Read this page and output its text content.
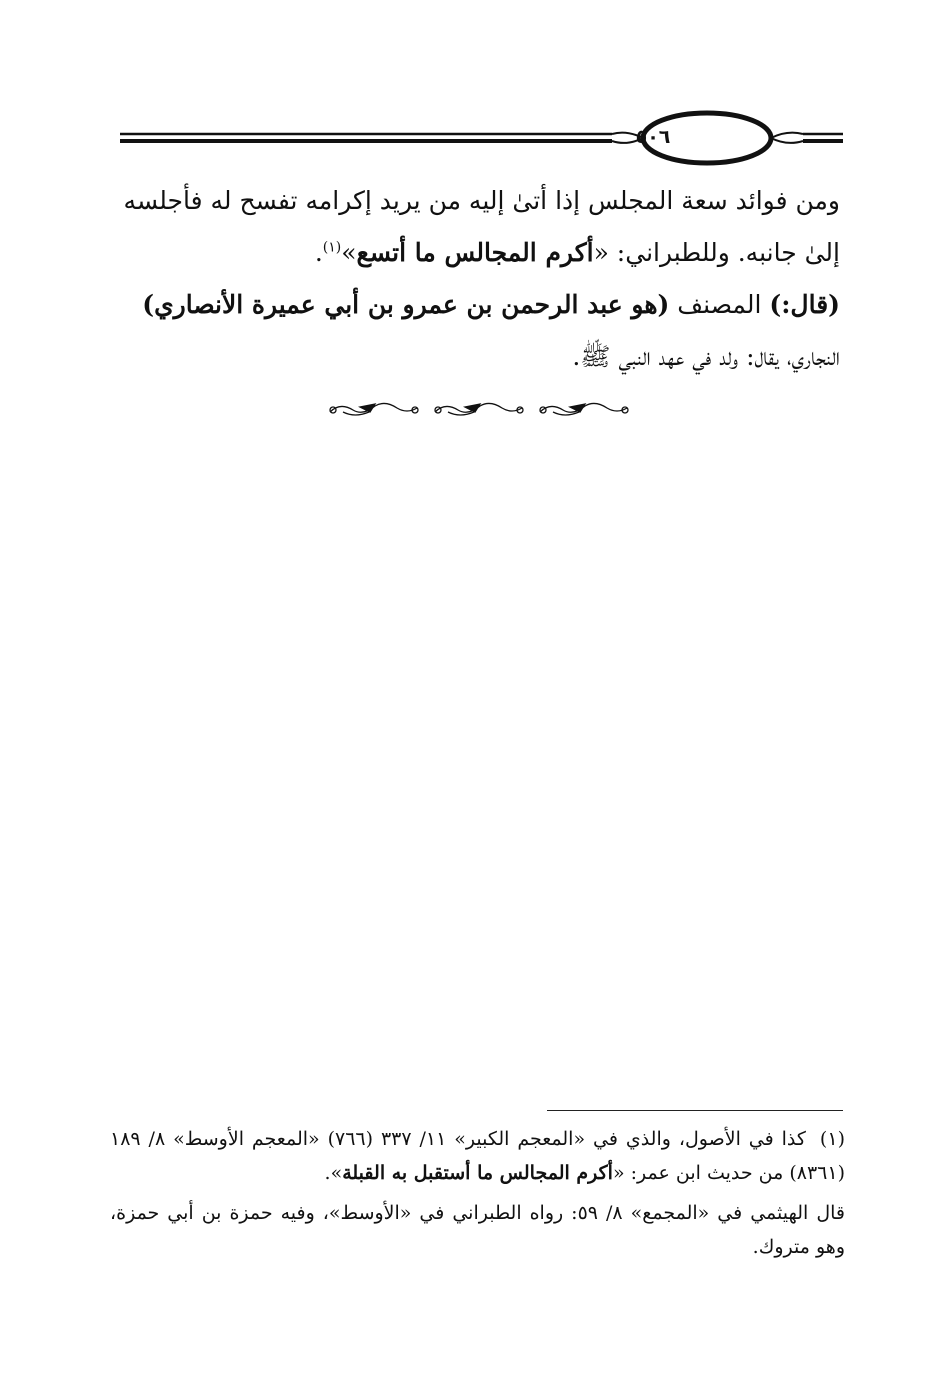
٥٠٦

ومن فوائد سعة المجلس إذا أتىٰ إليه من يريد إكرامه تفسح له فأجلسه

إلىٰ جانبه. وللطبراني: «أكرم المجالس ما أتسع»$^{(١)}$.

(قال:) المصنف (هو عبد الرحمن بن عمرو بن أبي عميرة الأنصاري)

النجاري، يقال: ولد في عهد النبي ﷺ.

(١)كذا في الأصول، والذي في «المعجم الكبير» ١١/ ٣٣٧ (٧٦٦) «المعجم الأوسط» ٨/ ١٨٩ (٨٣٦١) من حديث ابن عمر: «أكرم المجالس ما أستقبل به القبلة».

قال الهيثمي في «المجمع» ٨/ ٥٩: رواه الطبراني في «الأوسط»، وفيه حمزة بن أبي حمزة، وهو متروك.
